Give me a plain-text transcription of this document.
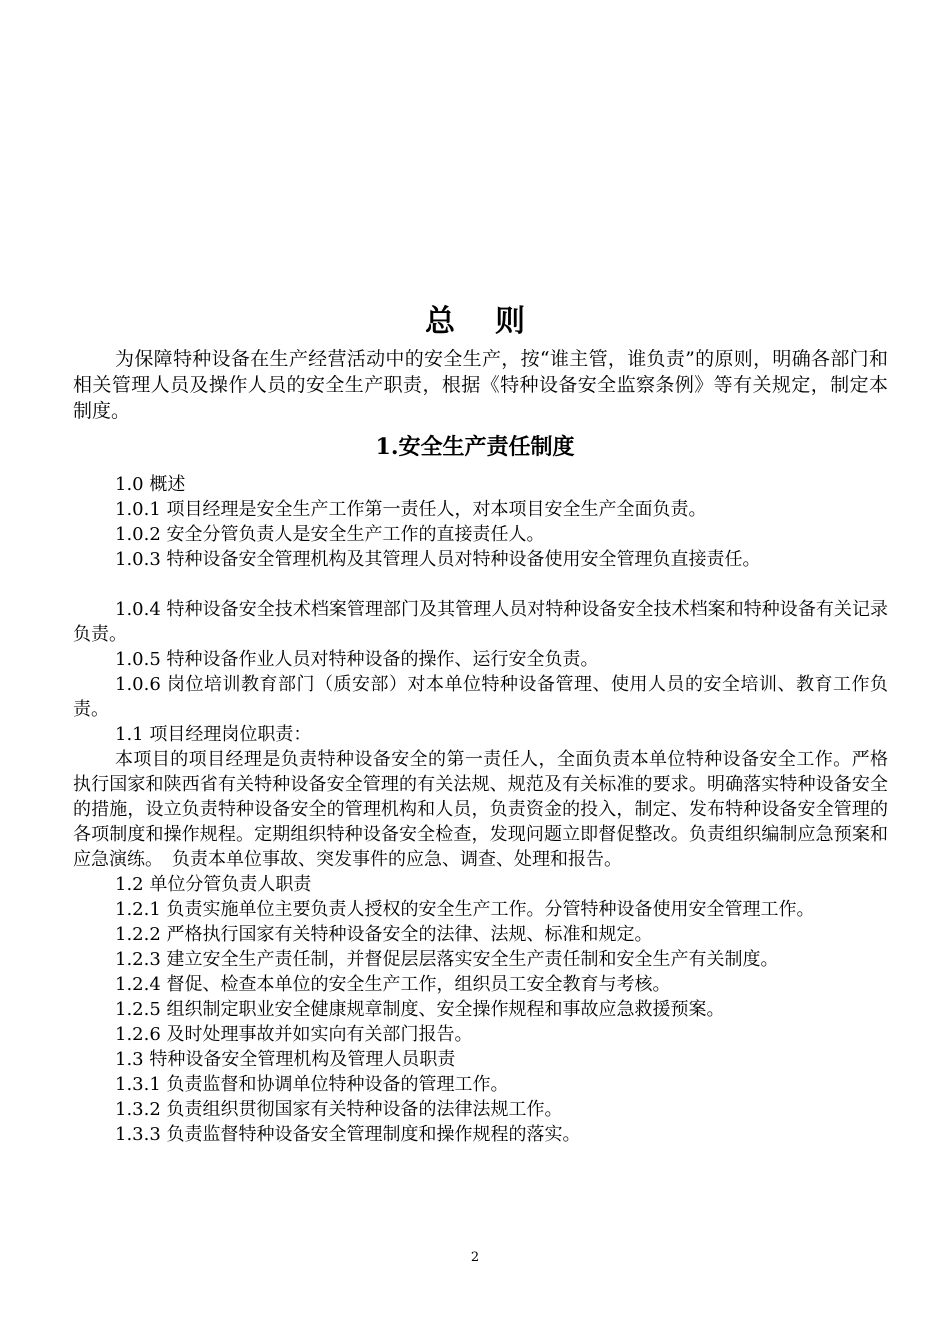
总则

为保障特种设备在生产经营活动中的安全生产，按“谁主管，谁负责”的原则，明确各部门和相关管理人员及操作人员的安全生产职责，根据《特种设备安全监察条例》等有关规定，制定本制度。

1.安全生产责任制度

1.0 概述

1.0.1 项目经理是安全生产工作第一责任人，对本项目安全生产全面负责。

1.0.2 安全分管负责人是安全生产工作的直接责任人。

1.0.3 特种设备安全管理机构及其管理人员对特种设备使用安全管理负直接责任。

1.0.4 特种设备安全技术档案管理部门及其管理人员对特种设备安全技术档案和特种设备有关记录负责。

1.0.5 特种设备作业人员对特种设备的操作、运行安全负责。

1.0.6 岗位培训教育部门（质安部）对本单位特种设备管理、使用人员的安全培训、教育工作负责。

1.1 项目经理岗位职责：

本项目的项目经理是负责特种设备安全的第一责任人，全面负责本单位特种设备安全工作。严格执行国家和陕西省有关特种设备安全管理的有关法规、规范及有关标准的要求。明确落实特种设备安全的措施，设立负责特种设备安全的管理机构和人员，负责资金的投入，制定、发布特种设备安全管理的各项制度和操作规程。定期组织特种设备安全检查，发现问题立即督促整改。负责组织编制应急预案和应急演练。　负责本单位事故、突发事件的应急、调查、处理和报告。

1.2 单位分管负责人职责

1.2.1 负责实施单位主要负责人授权的安全生产工作。分管特种设备使用安全管理工作。

1.2.2 严格执行国家有关特种设备安全的法律、法规、标准和规定。

1.2.3 建立安全生产责任制，并督促层层落实安全生产责任制和安全生产有关制度。

1.2.4 督促、检查本单位的安全生产工作，组织员工安全教育与考核。

1.2.5 组织制定职业安全健康规章制度、安全操作规程和事故应急救援预案。

1.2.6 及时处理事故并如实向有关部门报告。

1.3 特种设备安全管理机构及管理人员职责

1.3.1 负责监督和协调单位特种设备的管理工作。

1.3.2 负责组织贯彻国家有关特种设备的法律法规工作。

1.3.3 负责监督特种设备安全管理制度和操作规程的落实。

2
